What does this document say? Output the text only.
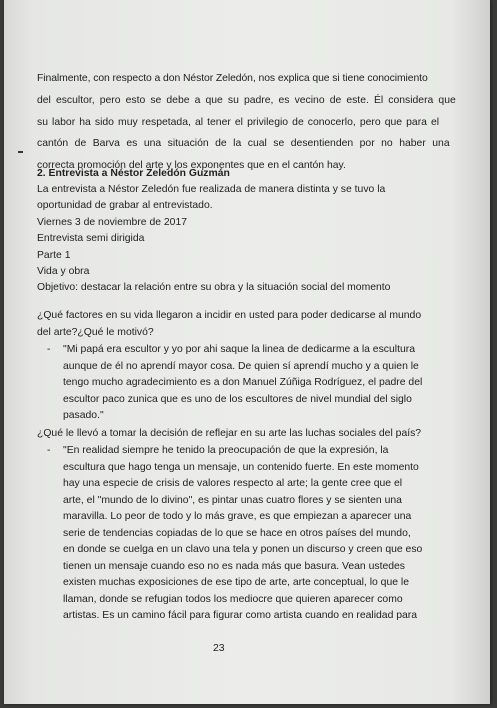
Finalmente, con respecto a don Néstor Zeledón, nos explica que si tiene conocimiento
del escultor, pero esto se debe a que su padre, es vecino de este. Él considera que
su labor ha sido muy respetada, al tener el privilegio de conocerlo, pero que para el
cantón de Barva es una situación de la cual se desentienden por no haber una
correcta promoción del arte y los exponentes que en el cantón hay.
2. Entrevista a Néstor Zeledón Guzmán
La entrevista a Néstor Zeledón fue realizada de manera distinta y se tuvo la
oportunidad de grabar al entrevistado.
Viernes 3 de noviembre de 2017
Entrevista semi dirigida
Parte 1
Vida y obra
Objetivo: destacar la relación entre su obra y la situación social del momento
¿Qué factores en su vida llegaron a incidir en usted para poder dedicarse al mundo
del arte?¿Qué le motivó?
- "Mi papá era escultor y yo por ahi saque la linea de dedicarme a la escultura
aunque de él no aprendí mayor cosa. De quien sí aprendí mucho y a quien le
tengo mucho agradecimiento es a don Manuel Zúñiga Rodríguez, el padre del
escultor paco zunica que es uno de los escultores de nivel mundial del siglo
pasado."
¿Qué le llevó a tomar la decisión de reflejar en su arte las luchas sociales del país?
- "En realidad siempre he tenido la preocupación de que la expresión, la
escultura que hago tenga un mensaje, un contenido fuerte. En este momento
hay una especie de crisis de valores respecto al arte; la gente cree que el
arte, el "mundo de lo divino", es pintar unas cuatro flores y se sienten una
maravilla. Lo peor de todo y lo más grave, es que empiezan a aparecer una
serie de tendencias copiadas de lo que se hace en otros países del mundo,
en donde se cuelga en un clavo una tela y ponen un discurso y creen que eso
tienen un mensaje cuando eso no es nada más que basura. Vean ustedes
existen muchas exposiciones de ese tipo de arte, arte conceptual, lo que le
llaman, donde se refugian todos los mediocre que quieren aparecer como
artistas. Es un camino fácil para figurar como artista cuando en realidad para
23
